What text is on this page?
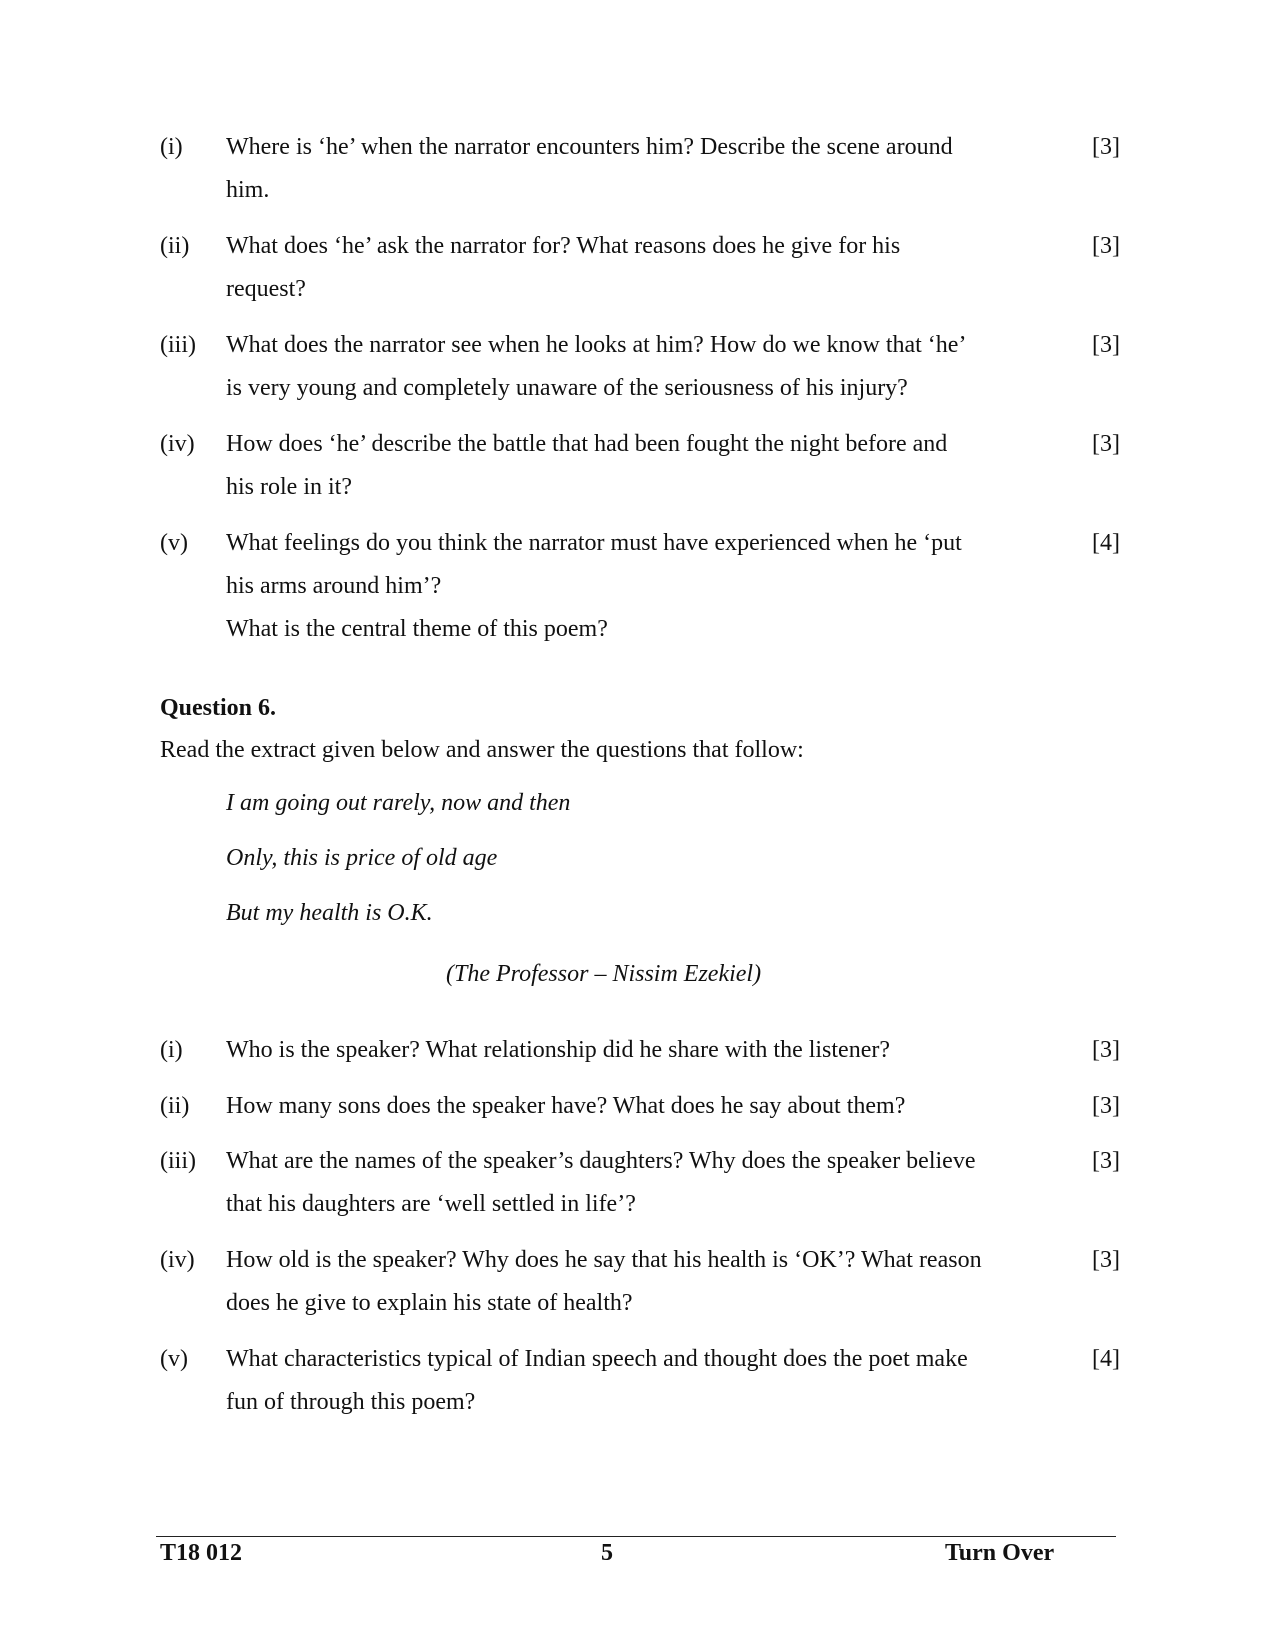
(i) Where is ‘he’ when the narrator encounters him? Describe the scene around
him.
[3]
(ii) What does ‘he’ ask the narrator for? What reasons does he give for his
request?
[3]
(iii) What does the narrator see when he looks at him? How do we know that ‘he’
is very young and completely unaware of the seriousness of his injury?
[3]
(iv) How does ‘he’ describe the battle that had been fought the night before and
his role in it?
[3]
(v) What feelings do you think the narrator must have experienced when he ‘put
his arms around him’?
What is the central theme of this poem?
[4]
Question 6.
Read the extract given below and answer the questions that follow:
I am going out rarely, now and then
Only, this is price of old age
But my health is O.K.
(The Professor – Nissim Ezekiel)
(i) Who is the speaker? What relationship did he share with the listener?	[3]
(ii) How many sons does the speaker have? What does he say about them?	[3]
(iii) What are the names of the speaker’s daughters? Why does the speaker believe
that his daughters are ‘well settled in life’?
[3]
(iv) How old is the speaker? Why does he say that his health is ‘OK’? What reason
does he give to explain his state of health?
[3]
(v) What characteristics typical of Indian speech and thought does the poet make
fun of through this poem?
[4]
T18 012	5	Turn Over
